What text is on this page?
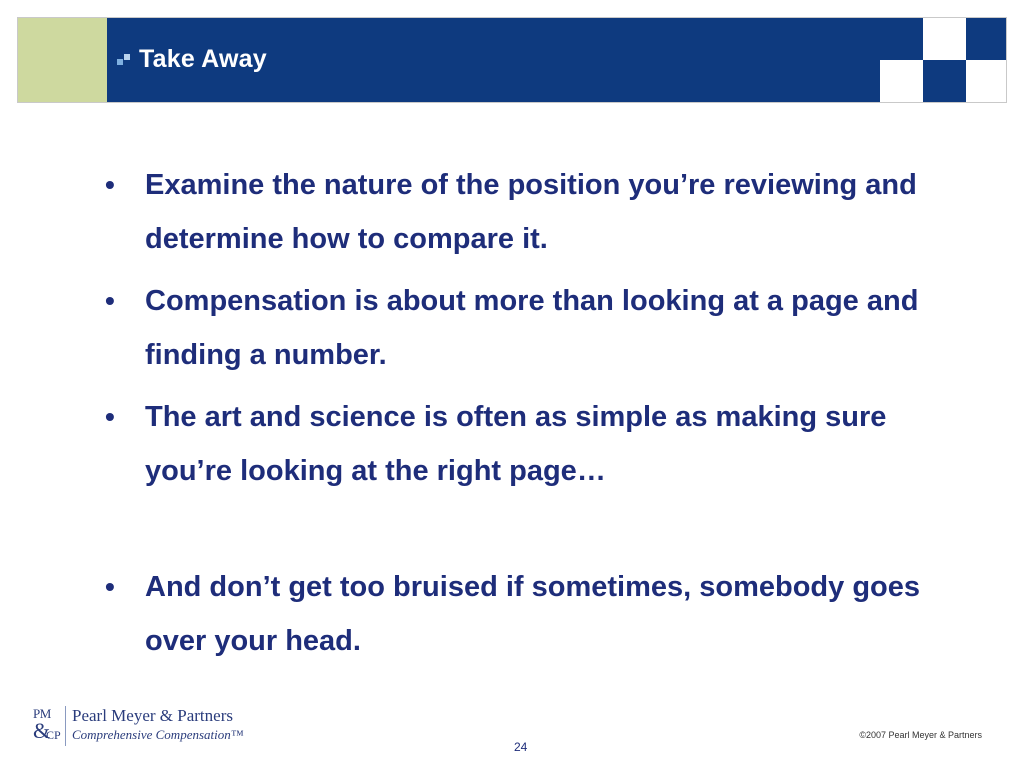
Take Away
• Examine the nature of the position you’re reviewing and determine how to compare it.
• Compensation is about more than looking at a page and finding a number.
• The art and science is often as simple as making sure you’re looking at the right page…
• And don’t get too bruised if sometimes, somebody goes over your head.
PM
&
CP
Pearl Meyer & Partners
Comprehensive Compensation™	©2007 Pearl Meyer & Partners
24
